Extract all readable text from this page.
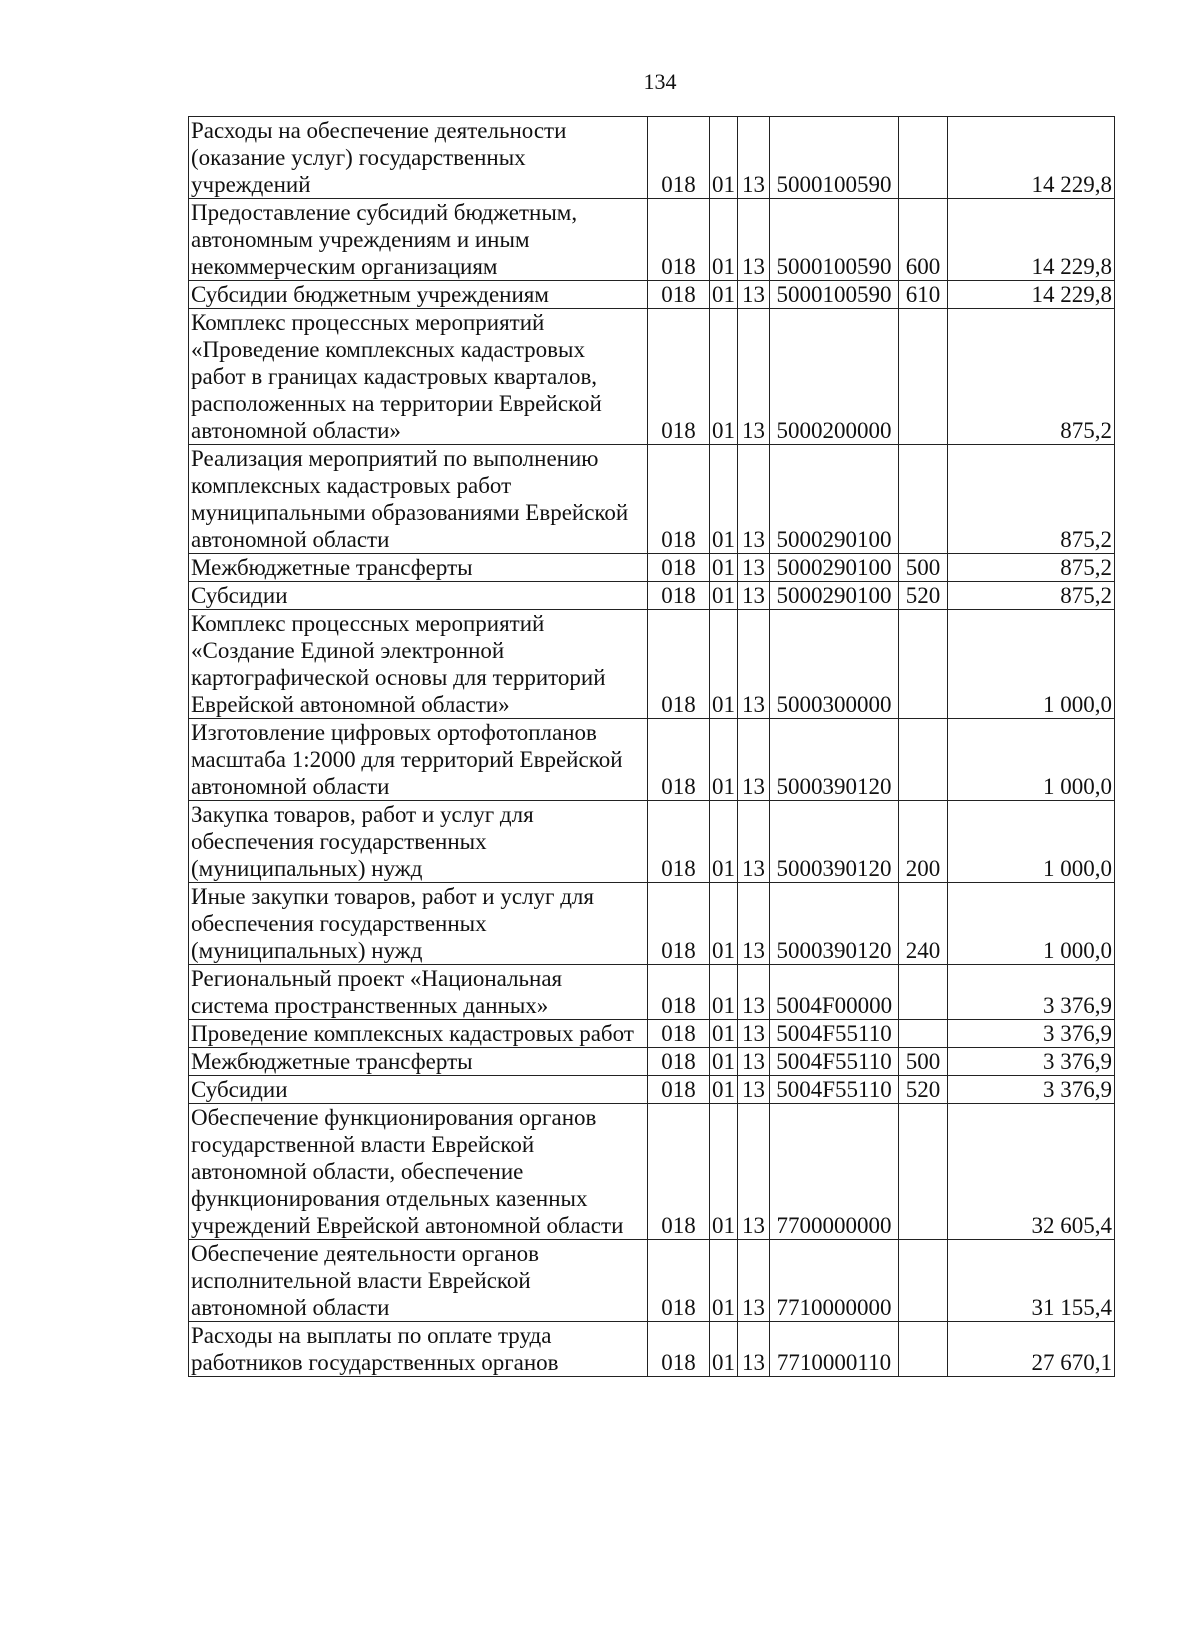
134
Расходы на обеспечение деятельности (оказание услуг) государственных учреждений	018	01	13	5000100590		14 229,8
Предоставление субсидий бюджетным, автономным учреждениям и иным некоммерческим организациям	018	01	13	5000100590	600	14 229,8
Субсидии бюджетным учреждениям	018	01	13	5000100590	610	14 229,8
Комплекс процессных мероприятий «Проведение комплексных кадастровых работ в границах кадастровых кварталов, расположенных на территории Еврейской автономной области»	018	01	13	5000200000		875,2
Реализация мероприятий по выполнению комплексных кадастровых работ муниципальными образованиями Еврейской автономной области	018	01	13	5000290100		875,2
Межбюджетные трансферты	018	01	13	5000290100	500	875,2
Субсидии	018	01	13	5000290100	520	875,2
Комплекс процессных мероприятий «Создание Единой электронной картографической основы для территорий Еврейской автономной области»	018	01	13	5000300000		1 000,0
Изготовление цифровых ортофотопланов масштаба 1:2000 для территорий Еврейской автономной области	018	01	13	5000390120		1 000,0
Закупка товаров, работ и услуг для обеспечения государственных (муниципальных) нужд	018	01	13	5000390120	200	1 000,0
Иные закупки товаров, работ и услуг для обеспечения государственных (муниципальных) нужд	018	01	13	5000390120	240	1 000,0
Региональный проект «Национальная система пространственных данных»	018	01	13	5004F00000		3 376,9
Проведение комплексных кадастровых работ	018	01	13	5004F55110		3 376,9
Межбюджетные трансферты	018	01	13	5004F55110	500	3 376,9
Субсидии	018	01	13	5004F55110	520	3 376,9
Обеспечение функционирования органов государственной власти Еврейской автономной области, обеспечение функционирования отдельных казенных учреждений Еврейской автономной области	018	01	13	7700000000		32 605,4
Обеспечение деятельности органов исполнительной власти Еврейской автономной области	018	01	13	7710000000		31 155,4
Расходы на выплаты по оплате труда работников государственных органов	018	01	13	7710000110		27 670,1
